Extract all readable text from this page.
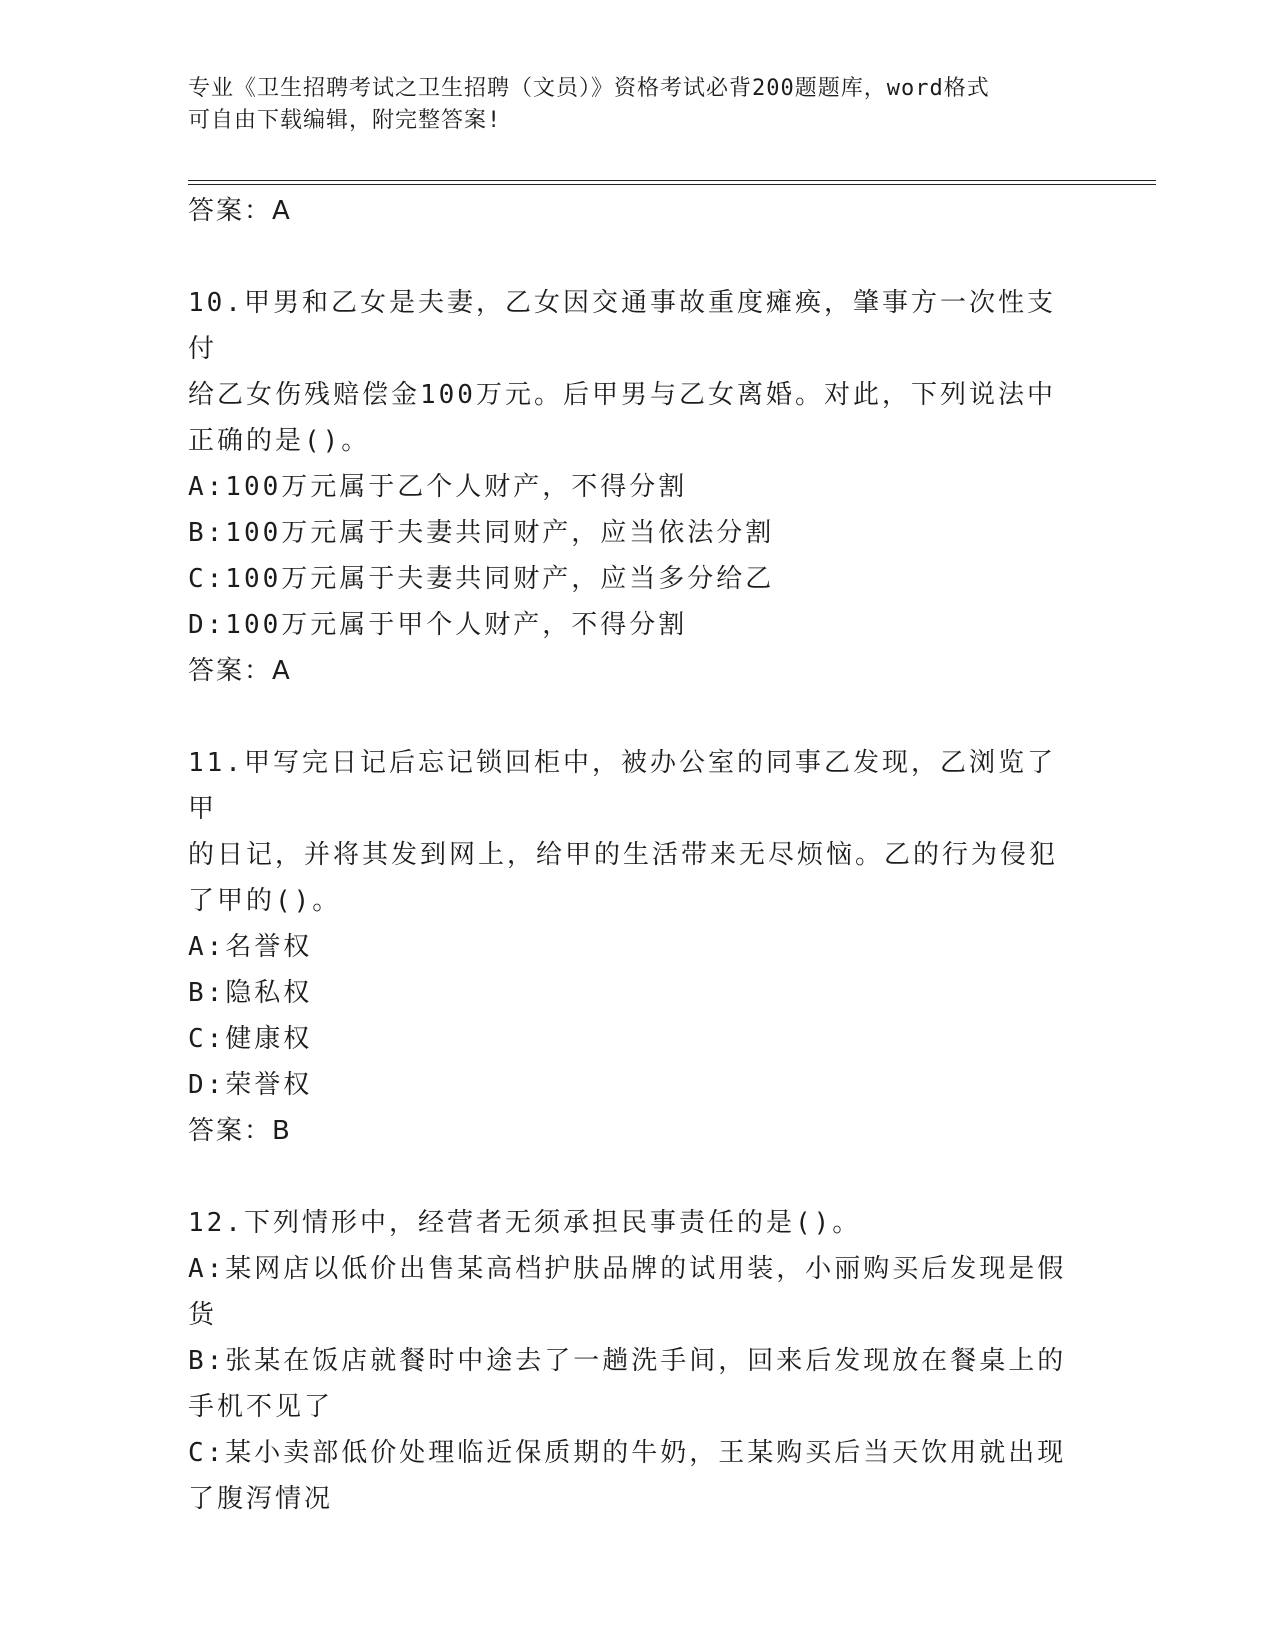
专业《卫生招聘考试之卫生招聘（文员）》资格考试必背200题题库，word格式
可自由下载编辑，附完整答案!
答案：A
10.甲男和乙女是夫妻，乙女因交通事故重度瘫痪，肇事方一次性支付
给乙女伤残赔偿金100万元。后甲男与乙女离婚。对此，下列说法中
正确的是()。
A:100万元属于乙个人财产，不得分割
B:100万元属于夫妻共同财产，应当依法分割
C:100万元属于夫妻共同财产，应当多分给乙
D:100万元属于甲个人财产，不得分割
答案：A
11.甲写完日记后忘记锁回柜中，被办公室的同事乙发现，乙浏览了甲
的日记，并将其发到网上，给甲的生活带来无尽烦恼。乙的行为侵犯
了甲的()。
A:名誉权
B:隐私权
C:健康权
D:荣誉权
答案：B
12.下列情形中，经营者无须承担民事责任的是()。
A:某网店以低价出售某高档护肤品牌的试用装，小丽购买后发现是假
货
B:张某在饭店就餐时中途去了一趟洗手间，回来后发现放在餐桌上的
手机不见了
C:某小卖部低价处理临近保质期的牛奶，王某购买后当天饮用就出现
了腹泻情况
